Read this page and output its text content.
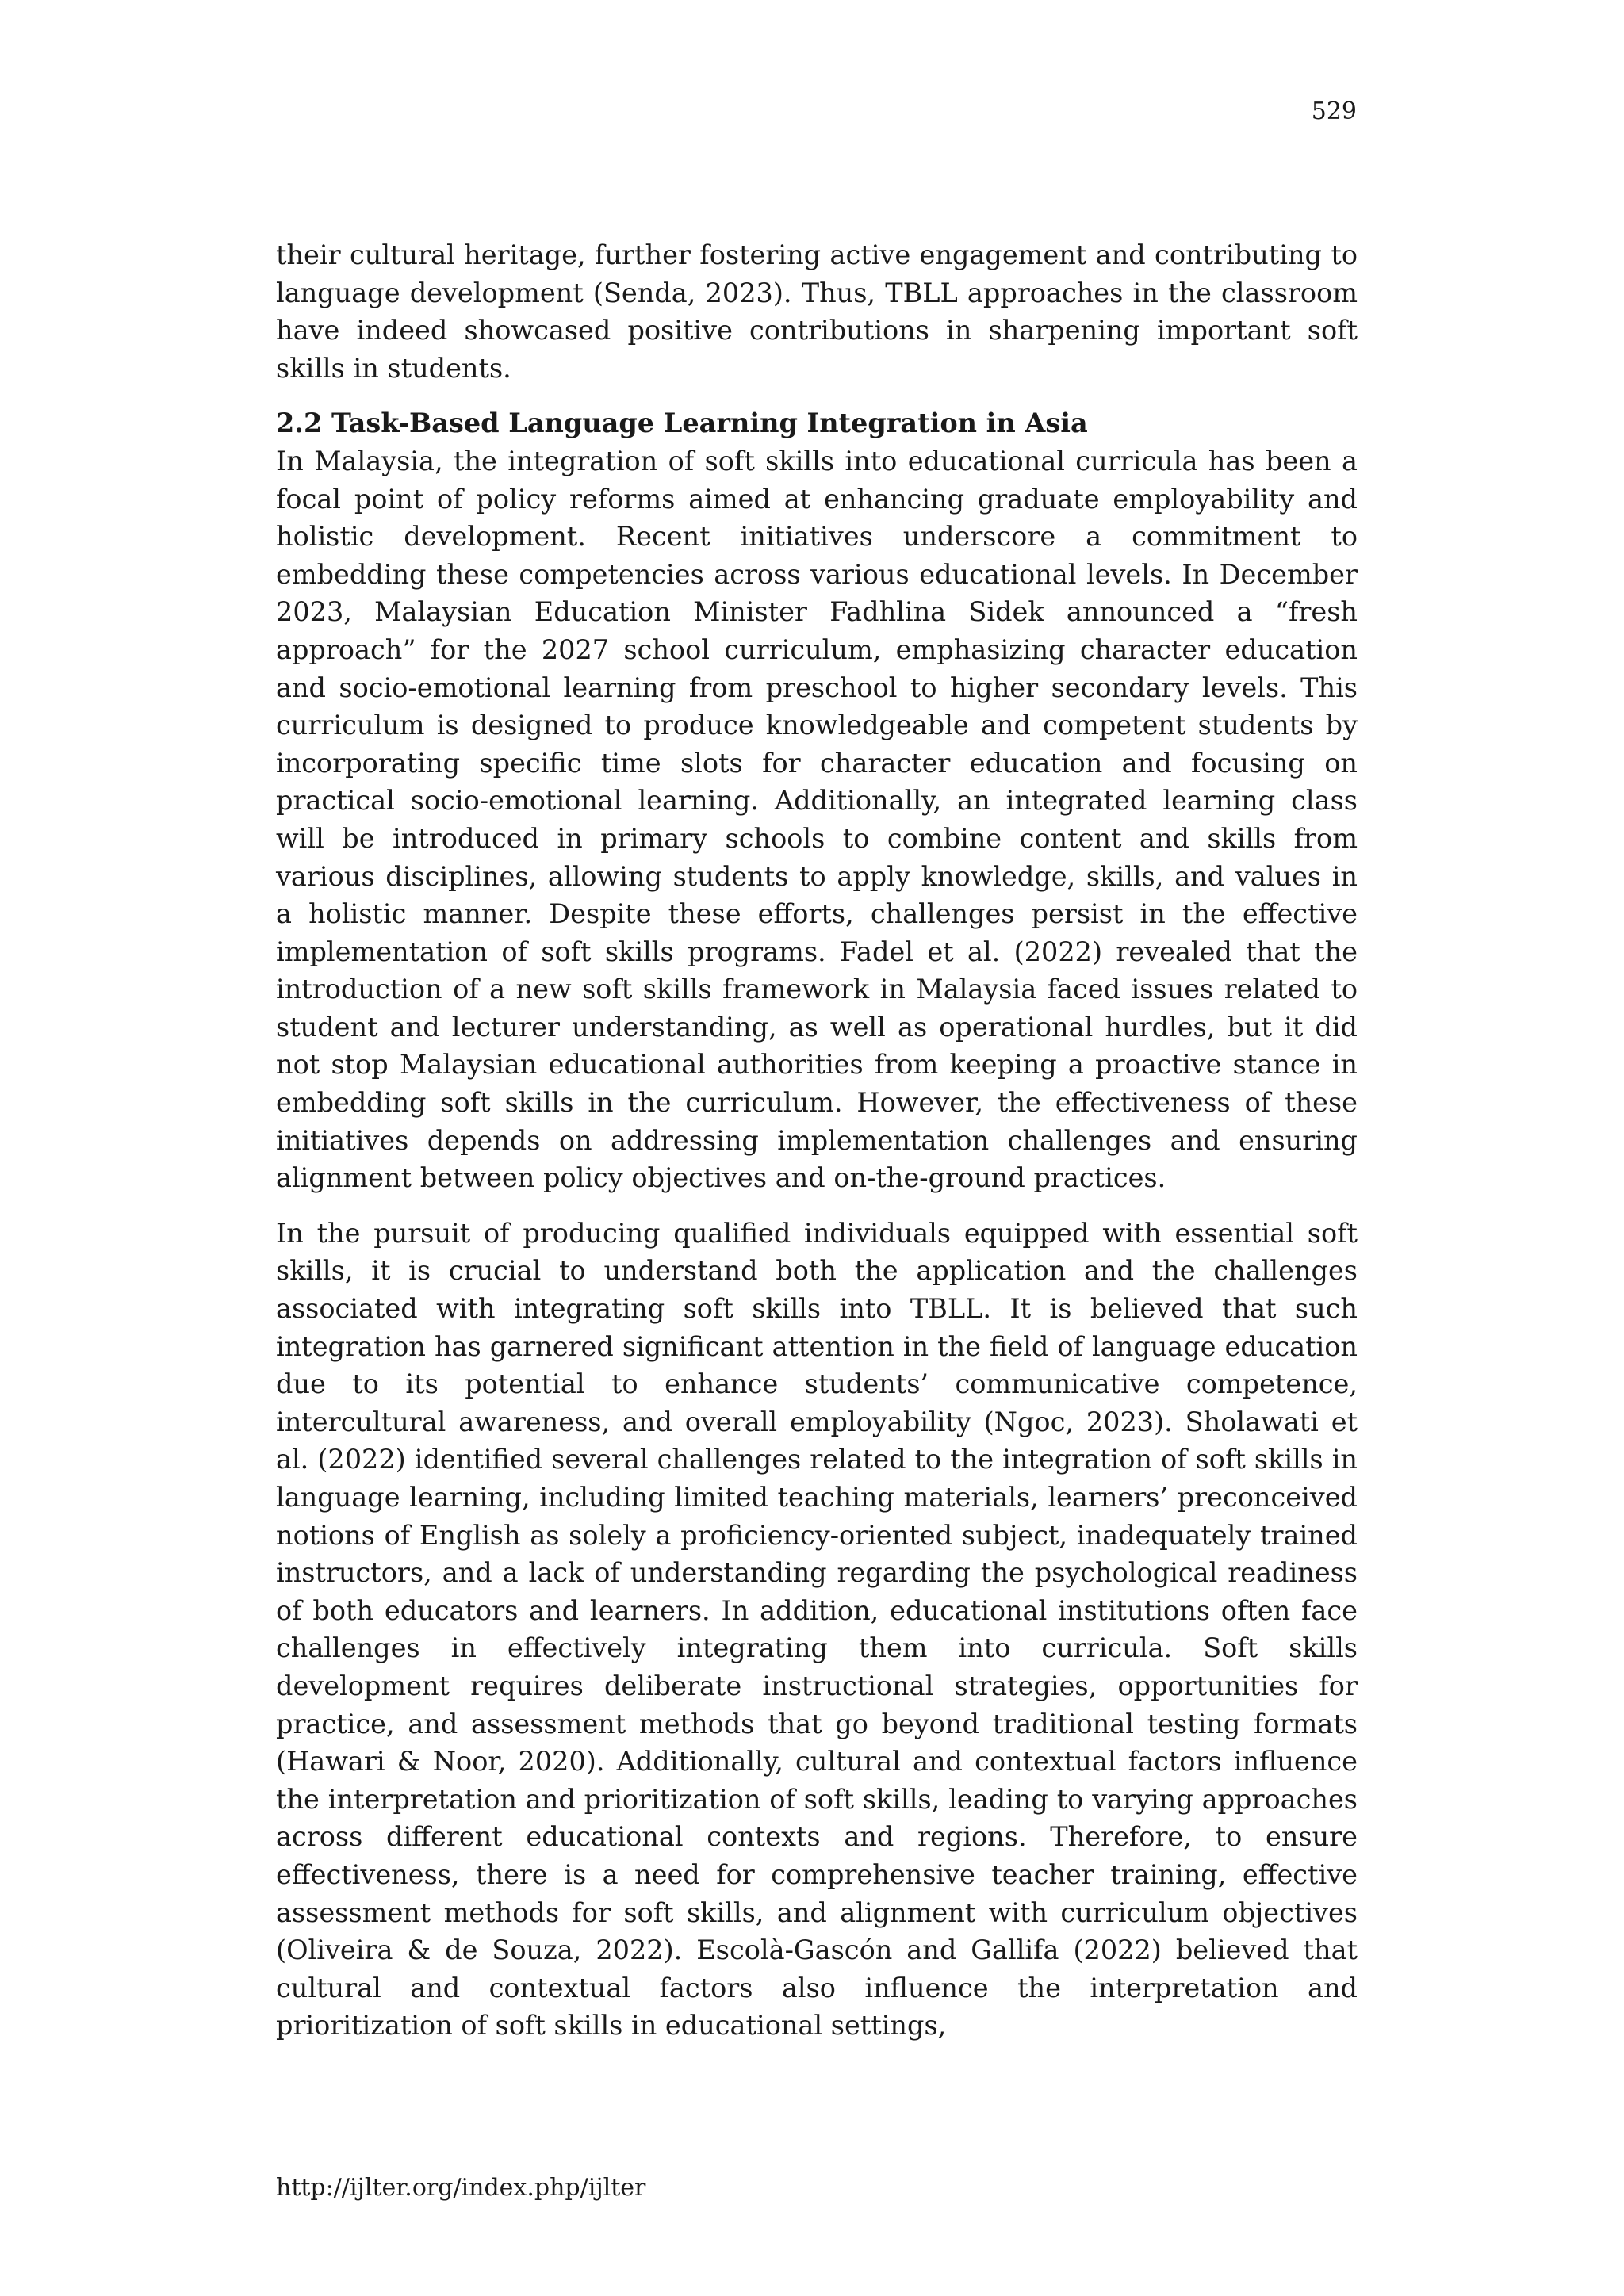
529

their cultural heritage, further fostering active engagement and contributing to language development (Senda, 2023). Thus, TBLL approaches in the classroom have indeed showcased positive contributions in sharpening important soft skills in students.

2.2 Task-Based Language Learning Integration in Asia

In Malaysia, the integration of soft skills into educational curricula has been a focal point of policy reforms aimed at enhancing graduate employability and holistic development. Recent initiatives underscore a commitment to embedding these competencies across various educational levels. In December 2023, Malaysian Education Minister Fadhlina Sidek announced a “fresh approach” for the 2027 school curriculum, emphasizing character education and socio-emotional learning from preschool to higher secondary levels. This curriculum is designed to produce knowledgeable and competent students by incorporating specific time slots for character education and focusing on practical socio-emotional learning. Additionally, an integrated learning class will be introduced in primary schools to combine content and skills from various disciplines, allowing students to apply knowledge, skills, and values in a holistic manner. Despite these efforts, challenges persist in the effective implementation of soft skills programs. Fadel et al. (2022) revealed that the introduction of a new soft skills framework in Malaysia faced issues related to student and lecturer understanding, as well as operational hurdles, but it did not stop Malaysian educational authorities from keeping a proactive stance in embedding soft skills in the curriculum. However, the effectiveness of these initiatives depends on addressing implementation challenges and ensuring alignment between policy objectives and on-the-ground practices.

In the pursuit of producing qualified individuals equipped with essential soft skills, it is crucial to understand both the application and the challenges associated with integrating soft skills into TBLL. It is believed that such integration has garnered significant attention in the field of language education due to its potential to enhance students’ communicative competence, intercultural awareness, and overall employability (Ngoc, 2023). Sholawati et al. (2022) identified several challenges related to the integration of soft skills in language learning, including limited teaching materials, learners’ preconceived notions of English as solely a proficiency-oriented subject, inadequately trained instructors, and a lack of understanding regarding the psychological readiness of both educators and learners. In addition, educational institutions often face challenges in effectively integrating them into curricula. Soft skills development requires deliberate instructional strategies, opportunities for practice, and assessment methods that go beyond traditional testing formats (Hawari & Noor, 2020). Additionally, cultural and contextual factors influence the interpretation and prioritization of soft skills, leading to varying approaches across different educational contexts and regions. Therefore, to ensure effectiveness, there is a need for comprehensive teacher training, effective assessment methods for soft skills, and alignment with curriculum objectives (Oliveira & de Souza, 2022). Escolà-Gascón and Gallifa (2022) believed that cultural and contextual factors also influence the interpretation and prioritization of soft skills in educational settings,

http://ijlter.org/index.php/ijlter
